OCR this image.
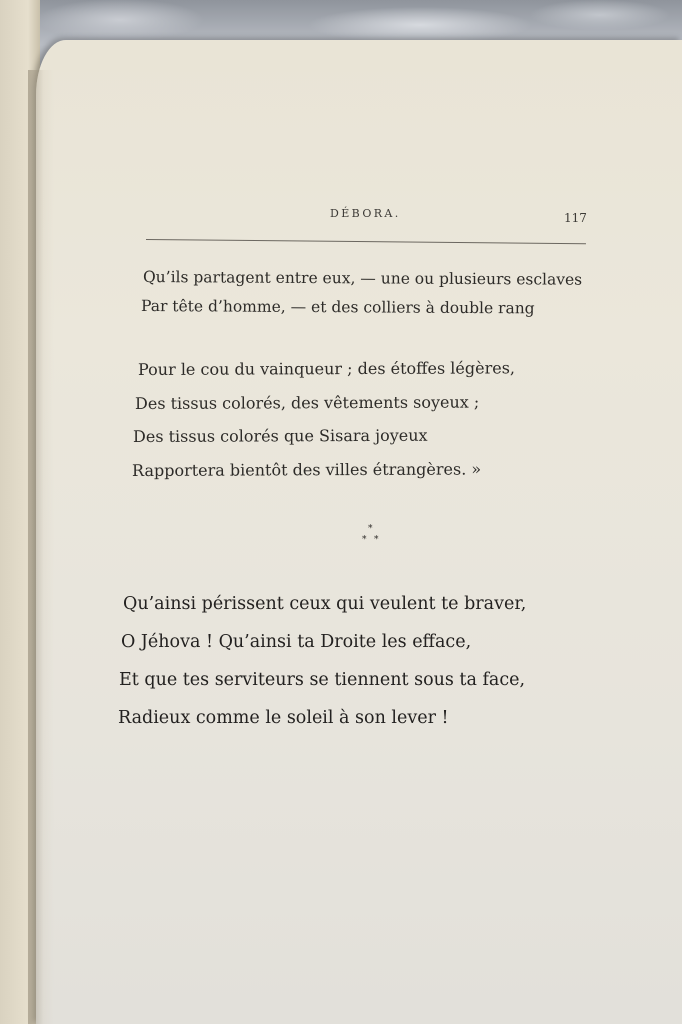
DÉBORA.	117
Qu’ils partagent entre eux, — une ou plusieurs esclaves
Par tête d’homme, — et des colliers à double rang
Pour le cou du vainqueur ; des étoffes légères,
Des tissus colorés, des vêtements soyeux ;
Des tissus colorés que Sisara joyeux
Rapportera bientôt des villes étrangères. »
*
* *
Qu’ainsi périssent ceux qui veulent te braver,
O Jéhova ! Qu’ainsi ta Droite les efface,
Et que tes serviteurs se tiennent sous ta face,
Radieux comme le soleil à son lever !
